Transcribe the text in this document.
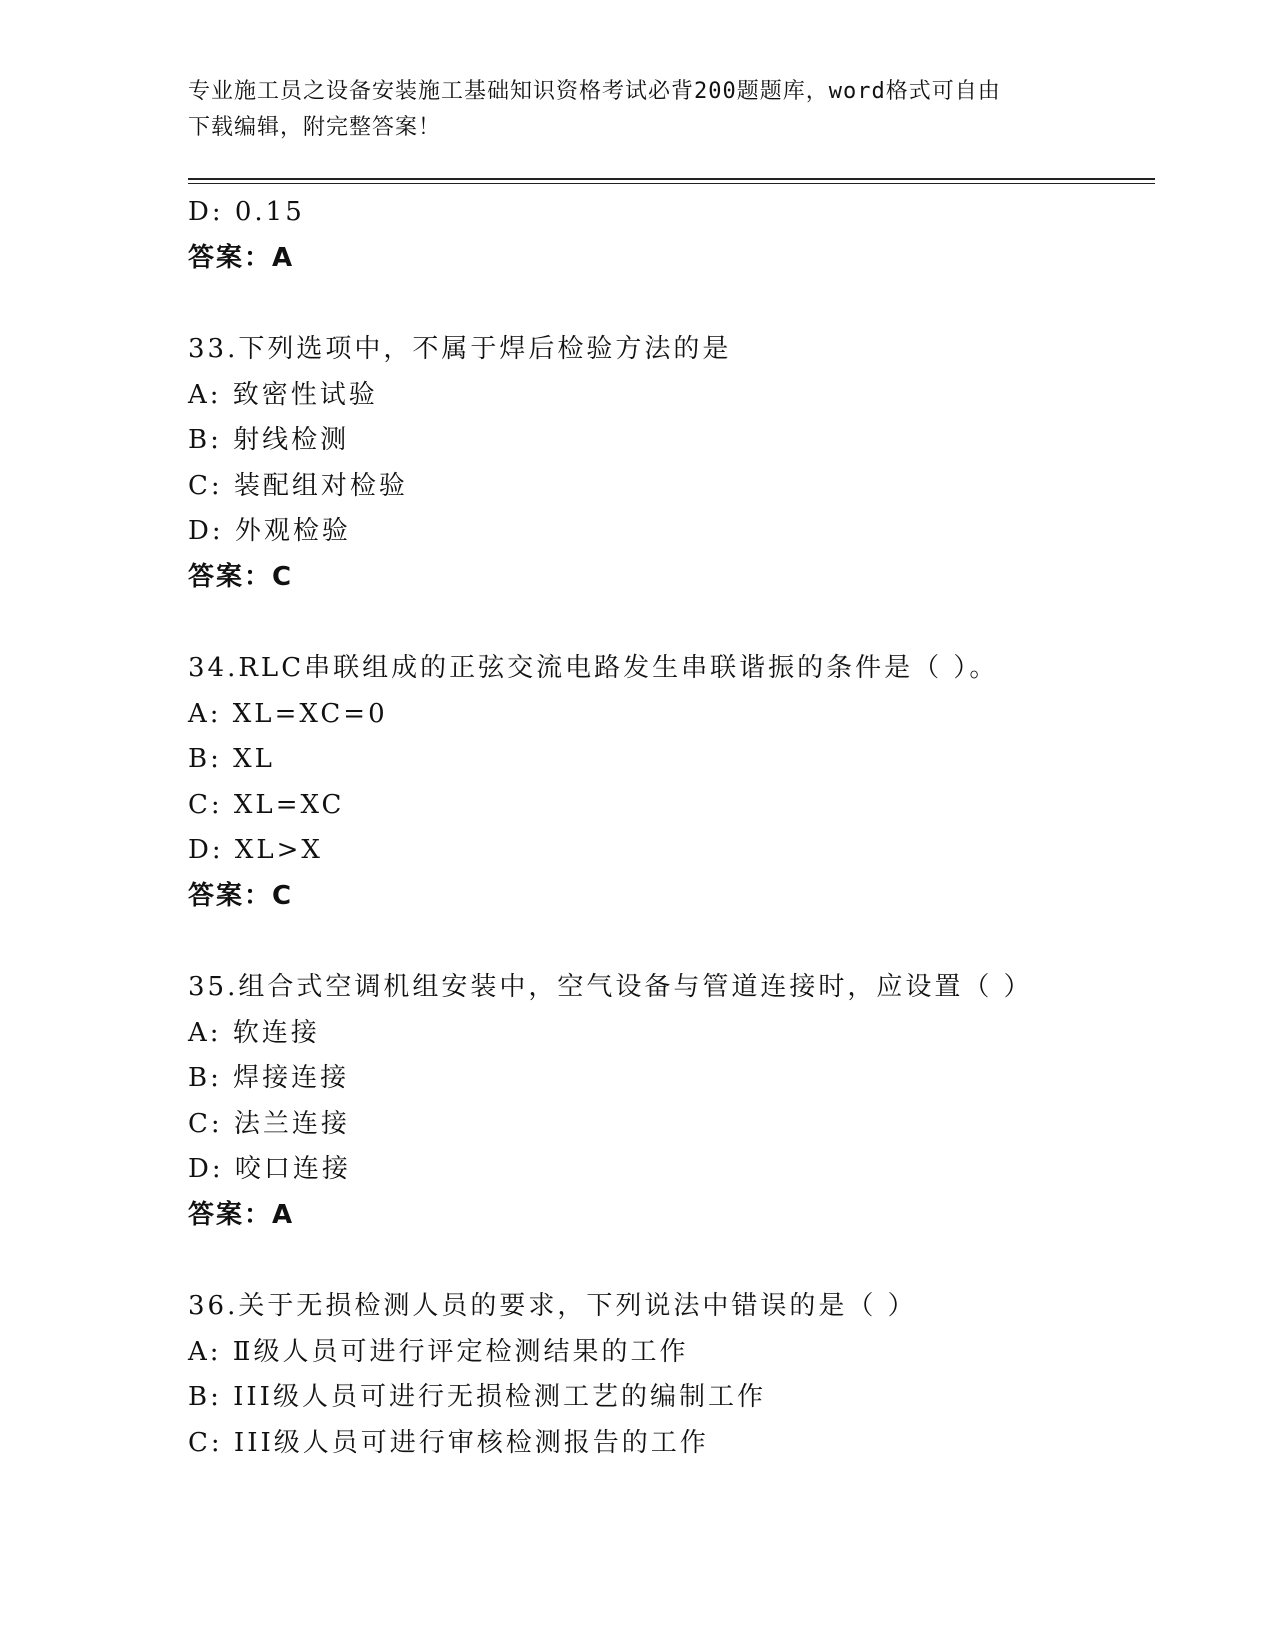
专业施工员之设备安装施工基础知识资格考试必背200题题库，word格式可自由
下载编辑，附完整答案！
D: 0.15
答案：A
33.下列选项中，不属于焊后检验方法的是
A: 致密性试验
B: 射线检测
C: 装配组对检验
D: 外观检验
答案：C
34.RLC串联组成的正弦交流电路发生串联谐振的条件是（ ）。
A: XL=XC=0
B: XL
C: XL=XC
D: XL>X
答案：C
35.组合式空调机组安装中，空气设备与管道连接时，应设置（ ）
A: 软连接
B: 焊接连接
C: 法兰连接
D: 咬口连接
答案：A
36.关于无损检测人员的要求，下列说法中错误的是（ ）
A: Ⅱ级人员可进行评定检测结果的工作
B: III级人员可进行无损检测工艺的编制工作
C: III级人员可进行审核检测报告的工作
